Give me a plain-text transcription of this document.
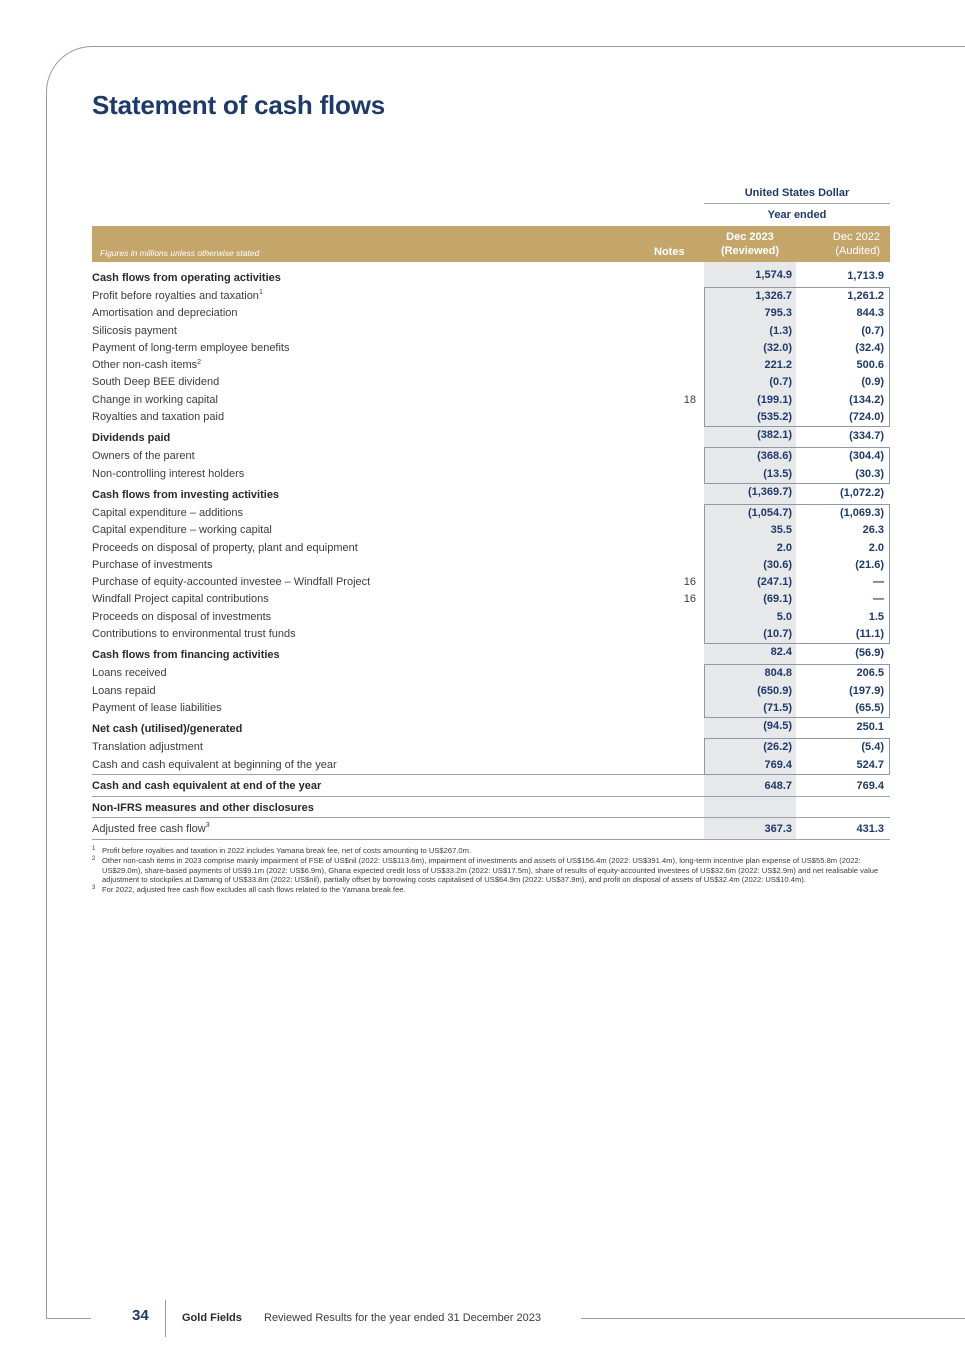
Statement of cash flows
United States Dollar
Year ended
Figures in millions unless otherwise stated	Notes
Dec 2023
(Reviewed)
Dec 2022
(Audited)
Cash flows from operating activities	1,574.9	1,713.9
Profit before royalties and taxation$^1$	1,326.7	1,261.2
Amortisation and depreciation	795.3	844.3
Silicosis payment	(1.3)	(0.7)
Payment of long-term employee benefits	(32.0)	(32.4)
Other non-cash items$^2$	221.2	500.6
South Deep BEE dividend	(0.7)	(0.9)
Change in working capital	18	(199.1)	(134.2)
Royalties and taxation paid	(535.2)	(724.0)
Dividends paid	(382.1)	(334.7)
Owners of the parent	(368.6)	(304.4)
Non-controlling interest holders	(13.5)	(30.3)
Cash flows from investing activities	(1,369.7)	(1,072.2)
Capital expenditure – additions	(1,054.7)	(1,069.3)
Capital expenditure – working capital	35.5	26.3
Proceeds on disposal of property, plant and equipment	2.0	2.0
Purchase of investments	(30.6)	(21.6)
Purchase of equity-accounted investee – Windfall Project	16	(247.1)	—
Windfall Project capital contributions	16	(69.1)	—
Proceeds on disposal of investments	5.0	1.5
Contributions to environmental trust funds	(10.7)	(11.1)
Cash flows from financing activities	82.4	(56.9)
Loans received	804.8	206.5
Loans repaid	(650.9)	(197.9)
Payment of lease liabilities	(71.5)	(65.5)
Net cash (utilised)/generated	(94.5)	250.1
Translation adjustment	(26.2)	(5.4)
Cash and cash equivalent at beginning of the year	769.4	524.7
Cash and cash equivalent at end of the year	648.7	769.4
Non-IFRS measures and other disclosures
Adjusted free cash flow$^3$	367.3	431.3
1 Profit before royalties and taxation in 2022 includes Yamana break fee, net of costs amounting to US$267.0m.
2 Other non-cash items in 2023 comprise mainly impairment of FSE of US$nil (2022: US$113.6m), impairment of investments and assets of US$156.4m (2022: US$391.4m), long-term incentive plan expense of US$55.8m (2022: US$29.0m), share-based payments of US$9.1m (2022: US$6.9m), Ghana expected credit loss of US$33.2m (2022: US$17.5m), share of results of equity-accounted investees of US$32.6m (2022: US$2.9m) and net realisable value adjustment to stockpiles at Damang of US$33.8m (2022: US$nil), partially offset by borrowing costs capitalised of US$64.9m (2022: US$37.9m), and profit on disposal of assets of US$32.4m (2022: US$10.4m).
3 For 2022, adjusted free cash flow excludes all cash flows related to the Yamana break fee.
34	Gold Fields Reviewed Results for the year ended 31 December 2023
